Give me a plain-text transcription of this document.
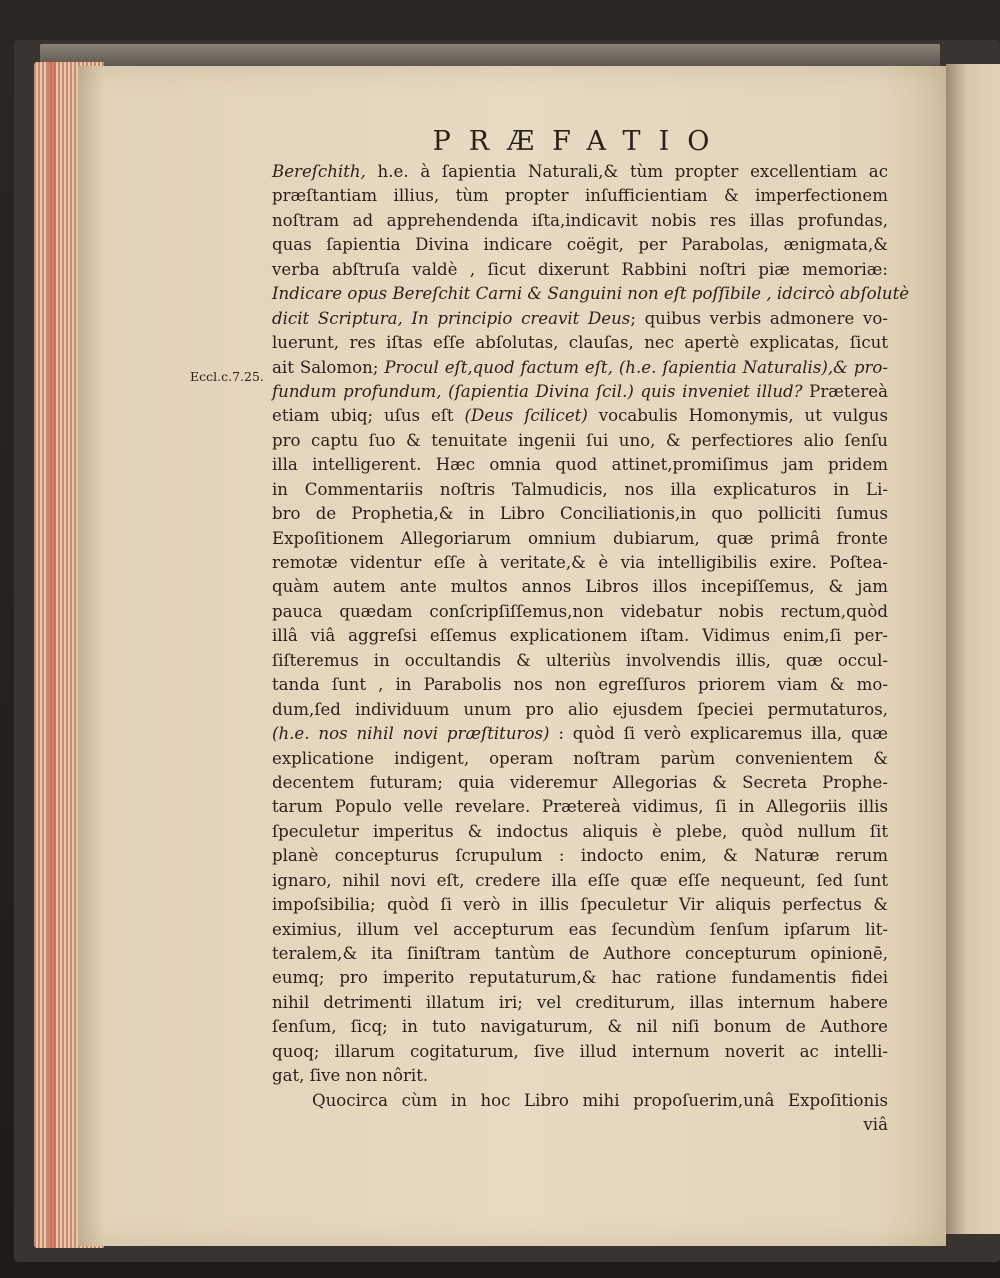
PRÆFATIO
Eccl.c.7.25.
Bereſchith, h.e. à ſapientia Naturali,& tùm propter excellentiam ac
præſtantiam illius, tùm propter inſufficientiam & imperfectionem
noſtram ad apprehendenda iſta,indicavit nobis res illas profundas,
quas ſapientia Divina indicare coëgit, per Parabolas, ænigmata,&
verba abſtruſa valdè , ſicut dixerunt Rabbini noſtri piæ memoriæ:
Indicare opus Bereſchit Carni & Sanguini non eſt poſſibile , idcircò abſolutè
dicit Scriptura, In principio creavit Deus; quibus verbis admonere vo-
luerunt, res iſtas eſſe abſolutas, clauſas, nec apertè explicatas, ſicut
ait Salomon; Procul eſt,quod factum eſt, (h.e. ſapientia Naturalis),& pro-
fundum profundum, (ſapientia Divina ſcil.) quis inveniet illud? Prætereà
etiam ubiq; uſus eſt (Deus ſcilicet) vocabulis Homonymis, ut vulgus
pro captu ſuo & tenuitate ingenii ſui uno, & perfectiores alio ſenſu
illa intelligerent. Hæc omnia quod attinet,promiſimus jam pridem
in Commentariis noſtris Talmudicis, nos illa explicaturos in Li-
bro de Prophetia,& in Libro Conciliationis,in quo polliciti ſumus
Expoſitionem Allegoriarum omnium dubiarum, quæ primâ fronte
remotæ videntur eſſe à veritate,& è via intelligibilis exire. Poſtea-
quàm autem ante multos annos Libros illos incepiſſemus, & jam
pauca quædam conſcripſiſſemus,non videbatur nobis rectum,quòd
illâ viâ aggreſsi eſſemus explicationem iſtam. Vidimus enim,ſi per-
ſiſteremus in occultandis & ulteriùs involvendis illis, quæ occul-
tanda ſunt , in Parabolis nos non egreſſuros priorem viam & mo-
dum,ſed individuum unum pro alio ejusdem ſpeciei permutaturos,
(h.e. nos nihil novi præſtituros) : quòd ſi verò explicaremus illa, quæ
explicatione indigent, operam noſtram parùm convenientem &
decentem futuram; quia videremur Allegorias & Secreta Prophe-
tarum Populo velle revelare. Prætereà vidimus, ſi in Allegoriis illis
ſpeculetur imperitus & indoctus aliquis è plebe, quòd nullum ſit
planè concepturus ſcrupulum : indocto enim, & Naturæ rerum
ignaro, nihil novi eſt, credere illa eſſe quæ eſſe nequeunt, ſed ſunt
impoſsibilia; quòd ſi verò in illis ſpeculetur Vir aliquis perfectus &
eximius, illum vel accepturum eas ſecundùm ſenſum ipſarum lit-
teralem,& ita ſiniſtram tantùm de Authore concepturum opinionē,
eumq; pro imperito reputaturum,& hac ratione fundamentis fidei
nihil detrimenti illatum iri; vel crediturum, illas internum habere
ſenſum, ſicq; in tuto navigaturum, & nil niſi bonum de Authore
quoq; illarum cogitaturum, ſive illud internum noverit ac intelli-
gat, ſive non nôrit.
Quocirca cùm in hoc Libro mihi propoſuerim,unâ Expoſitionis
viâ
